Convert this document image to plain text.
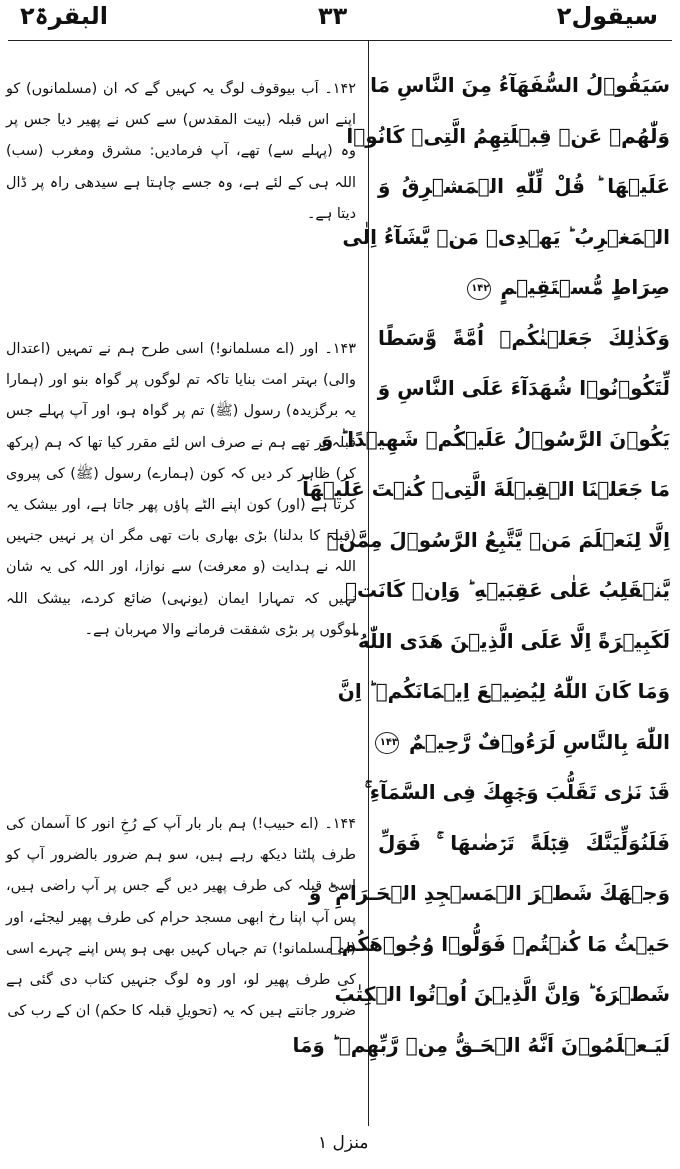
سیقول۲
۳۳
البقرۃ۲
سَيَقُوۡلُ السُّفَهَآءُ مِنَ النَّاسِ مَا
وَلّٰهُمۡ عَنۡ قِبۡلَتِهِمُ الَّتِىۡ كَانُوۡا
عَلَيۡهَا ؕ قُلْ لِّلّٰهِ الۡمَشۡرِقُ وَ
الۡمَغۡرِبُ ؕ يَهۡدِىۡ مَنۡ يَّشَآءُ اِلٰى
صِرَاطٍ مُّسۡتَقِيۡمٍ ۱۴۲
وَكَذٰلِكَ جَعَلۡنٰكُمۡ اُمَّةً وَّسَطًا
لِّتَكُوۡنُوۡا شُهَدَآءَ عَلَى النَّاسِ وَ
يَكُوۡنَ الرَّسُوۡلُ عَلَيۡكُمۡ شَهِيۡدًا ؕ وَ
مَا جَعَلۡنَا الۡقِبۡلَةَ الَّتِىۡ كُنۡتَ عَلَيۡهَآ
اِلَّا لِنَعۡلَمَ مَنۡ يَّتَّبِعُ الرَّسُوۡلَ مِمَّنۡ
يَّنۡقَلِبُ عَلٰى عَقِبَيۡهِ ؕ وَاِنۡ كَانَتۡ
لَكَبِيۡرَةً اِلَّا عَلَى الَّذِيۡنَ هَدَى اللّٰهُ ؕ
وَمَا كَانَ اللّٰهُ لِيُضِيۡعَ اِيۡمَانَكُمۡ ؕ اِنَّ
اللّٰهَ بِالنَّاسِ لَرَءُوۡفٌ رَّحِيۡمٌ ۱۴۳
قَدۡ نَرٰى تَقَلُّبَ وَجۡهِكَ فِى السَّمَآءِ ۚ
فَلَنُوَلِّيَنَّكَ قِبۡلَةً تَرۡضٰٮهَا ۚ فَوَلِّ
وَجۡهَكَ شَطۡرَ الۡمَسۡجِدِ الۡحَـرَامِ ؕ وَ
حَيۡثُ مَا كُنۡتُمۡ فَوَلُّوۡا وُجُوۡهَكُمۡ
شَطۡرَهٗ ؕ وَاِنَّ الَّذِيۡنَ اُوۡتُوا الۡكِتٰبَ
لَيَـعۡلَمُوۡنَ اَنَّهُ الۡحَـقُّ مِنۡ رَّبِّهِمۡ ؕ وَمَا

۱۴۲۔ اَب بیوقوف لوگ یہ کہیں گے کہ ان (مسلمانوں) کو اپنے اس قبلہ (بیت المقدس) سے کس نے پھیر دیا جس پر وہ (پہلے سے) تھے، آپ فرمادیں: مشرق ومغرب (سب) اللہ ہی کے لئے ہے، وہ جسے چاہتا ہے سیدھی راہ پر ڈال دیتا ہے۔

۱۴۳۔ اور (اے مسلمانو!) اسی طرح ہم نے تمہیں (اعتدال والی) بہتر امت بنایا تاکہ تم لوگوں پر گواہ بنو اور (ہمارا یہ برگزیدہ) رسول (ﷺ) تم پر گواہ ہو، اور آپ پہلے جس قبلہ پر تھے ہم نے صرف اس لئے مقرر کیا تھا کہ ہم (پرکھ کر) ظاہر کر دیں کہ کون (ہمارے) رسول (ﷺ) کی پیروی کرتا ہے (اور) کون اپنے الٹے پاؤں پھر جاتا ہے، اور بیشک یہ (قبلہ کا بدلنا) بڑی بھاری بات تھی مگر ان پر نہیں جنہیں اللہ نے ہدایت (و معرفت) سے نوازا، اور اللہ کی یہ شان نہیں کہ تمہارا ایمان (یونہی) ضائع کردے، بیشک اللہ لوگوں پر بڑی شفقت فرمانے والا مہربان ہے۔

۱۴۴۔ (اے حبیب!) ہم بار بار آپ کے رُخِ انور کا آسمان کی طرف پلٹنا دیکھ رہے ہیں، سو ہم ضرور بالضرور آپ کو اسی قبلہ کی طرف پھیر دیں گے جس پر آپ راضی ہیں، پس آپ اپنا رخ ابھی مسجد حرام کی طرف پھیر لیجئے، اور (اے مسلمانو!) تم جہاں کہیں بھی ہو پس اپنے چہرے اسی کی طرف پھیر لو، اور وہ لوگ جنہیں کتاب دی گئی ہے ضرور جانتے ہیں کہ یہ (تحویلِ قبلہ کا حکم) ان کے رب کی

منزل ۱
